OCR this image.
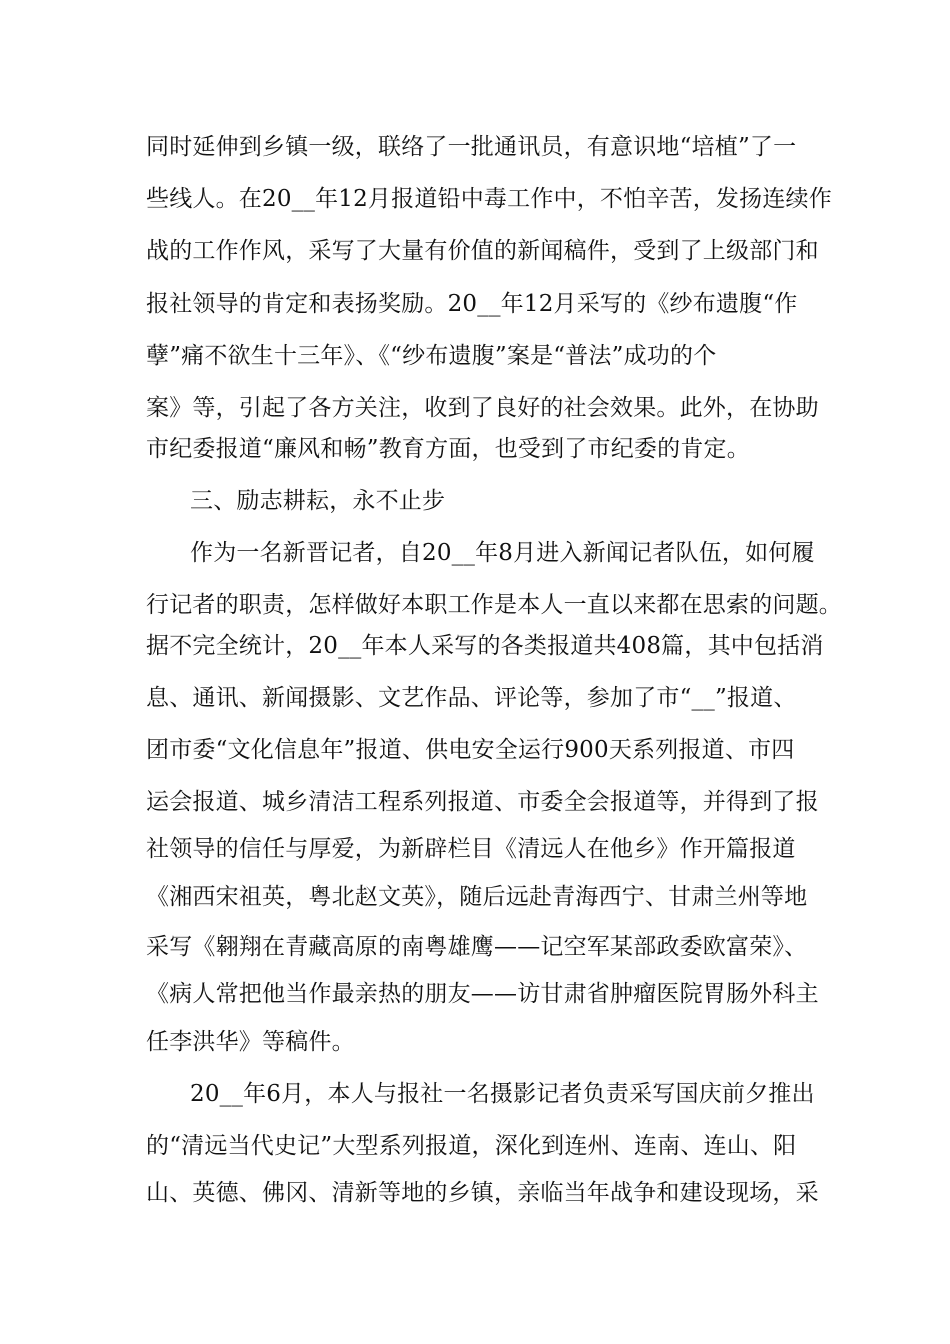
同时延伸到乡镇一级，联络了一批通讯员，有意识地“培植”了一
些线人。在20__年12月报道铅中毒工作中，不怕辛苦，发扬连续作
战的工作作风，采写了大量有价值的新闻稿件，受到了上级部门和
报社领导的肯定和表扬奖励。20__年12月采写的《纱布遗腹“作
孽”痛不欲生十三年》、《“纱布遗腹”案是“普法”成功的个
案》等，引起了各方关注，收到了良好的社会效果。此外，在协助
市纪委报道“廉风和畅”教育方面，也受到了市纪委的肯定。
三、励志耕耘，永不止步
作为一名新晋记者，自20__年8月进入新闻记者队伍，如何履
行记者的职责，怎样做好本职工作是本人一直以来都在思索的问题。
据不完全统计，20__年本人采写的各类报道共408篇，其中包括消
息、通讯、新闻摄影、文艺作品、评论等，参加了市“__”报道、
团市委“文化信息年”报道、供电安全运行900天系列报道、市四
运会报道、城乡清洁工程系列报道、市委全会报道等，并得到了报
社领导的信任与厚爱，为新辟栏目《清远人在他乡》作开篇报道
《湘西宋祖英，粤北赵文英》，随后远赴青海西宁、甘肃兰州等地
采写《翱翔在青藏高原的南粤雄鹰——记空军某部政委欧富荣》、
《病人常把他当作最亲热的朋友——访甘肃省肿瘤医院胃肠外科主
任李洪华》等稿件。
20__年6月，本人与报社一名摄影记者负责采写国庆前夕推出
的“清远当代史记”大型系列报道，深化到连州、连南、连山、阳
山、英德、佛冈、清新等地的乡镇，亲临当年战争和建设现场，采
